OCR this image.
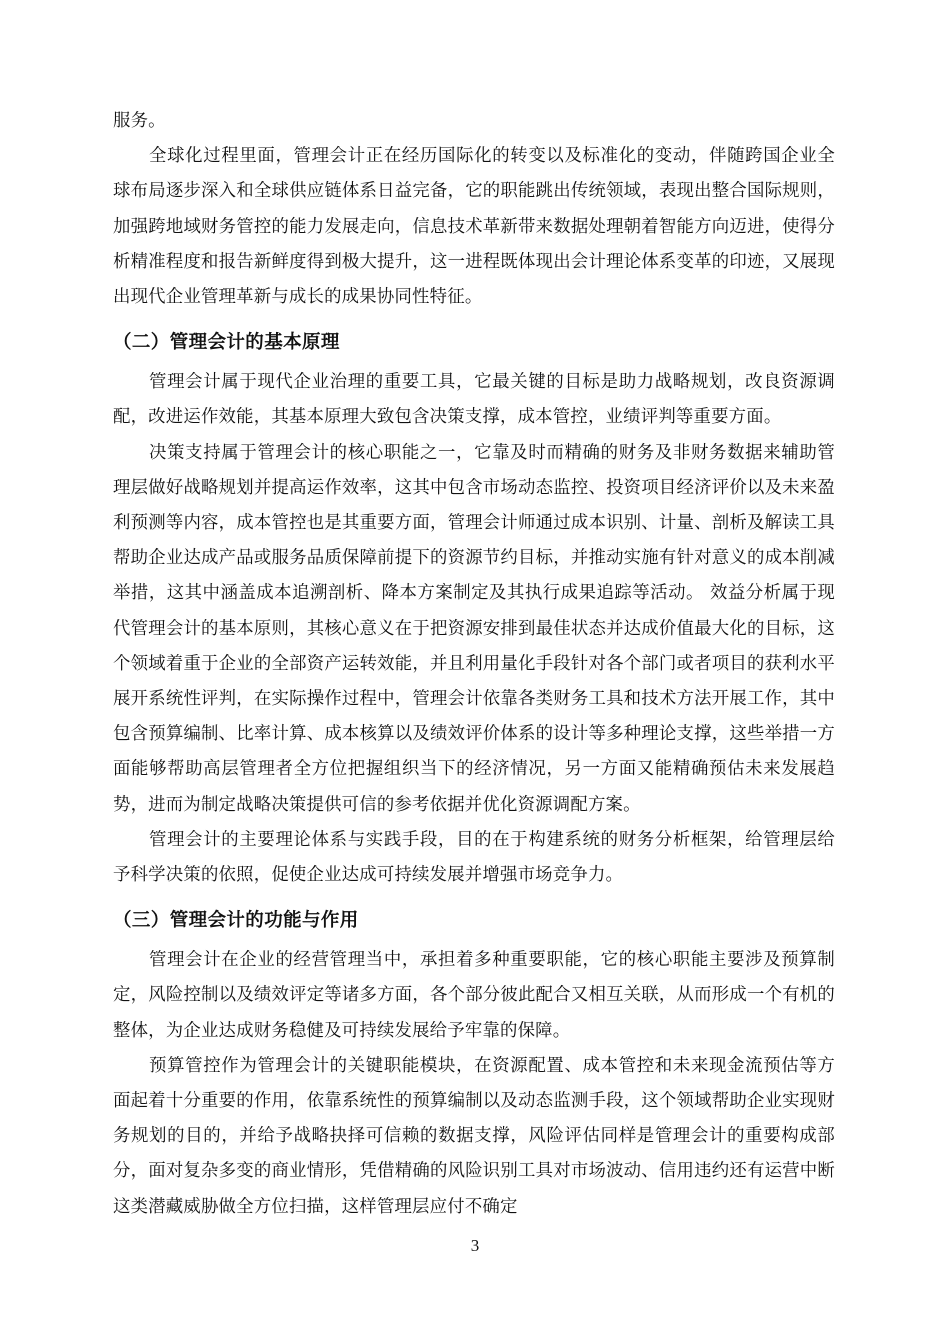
服务。

全球化过程里面，管理会计正在经历国际化的转变以及标准化的变动，伴随跨国企业全球布局逐步深入和全球供应链体系日益完备，它的职能跳出传统领域，表现出整合国际规则，加强跨地域财务管控的能力发展走向，信息技术革新带来数据处理朝着智能方向迈进，使得分析精准程度和报告新鲜度得到极大提升，这一进程既体现出会计理论体系变革的印迹，又展现出现代企业管理革新与成长的成果协同性特征。

（二）管理会计的基本原理

管理会计属于现代企业治理的重要工具，它最关键的目标是助力战略规划，改良资源调配，改进运作效能，其基本原理大致包含决策支撑，成本管控，业绩评判等重要方面。

决策支持属于管理会计的核心职能之一，它靠及时而精确的财务及非财务数据来辅助管理层做好战略规划并提高运作效率，这其中包含市场动态监控、投资项目经济评价以及未来盈利预测等内容，成本管控也是其重要方面，管理会计师通过成本识别、计量、剖析及解读工具帮助企业达成产品或服务品质保障前提下的资源节约目标，并推动实施有针对意义的成本削减举措，这其中涵盖成本追溯剖析、降本方案制定及其执行成果追踪等活动。 效益分析属于现代管理会计的基本原则，其核心意义在于把资源安排到最佳状态并达成价值最大化的目标，这个领域着重于企业的全部资产运转效能，并且利用量化手段针对各个部门或者项目的获利水平展开系统性评判，在实际操作过程中，管理会计依靠各类财务工具和技术方法开展工作，其中包含预算编制、比率计算、成本核算以及绩效评价体系的设计等多种理论支撑，这些举措一方面能够帮助高层管理者全方位把握组织当下的经济情况，另一方面又能精确预估未来发展趋势，进而为制定战略决策提供可信的参考依据并优化资源调配方案。

管理会计的主要理论体系与实践手段，目的在于构建系统的财务分析框架，给管理层给予科学决策的依照，促使企业达成可持续发展并增强市场竞争力。

（三）管理会计的功能与作用

管理会计在企业的经营管理当中，承担着多种重要职能，它的核心职能主要涉及预算制定，风险控制以及绩效评定等诸多方面，各个部分彼此配合又相互关联，从而形成一个有机的整体，为企业达成财务稳健及可持续发展给予牢靠的保障。

预算管控作为管理会计的关键职能模块，在资源配置、成本管控和未来现金流预估等方面起着十分重要的作用，依靠系统性的预算编制以及动态监测手段，这个领域帮助企业实现财务规划的目的，并给予战略抉择可信赖的数据支撑，风险评估同样是管理会计的重要构成部分，面对复杂多变的商业情形，凭借精确的风险识别工具对市场波动、信用违约还有运营中断这类潜藏威胁做全方位扫描，这样管理层应付不确定

3
